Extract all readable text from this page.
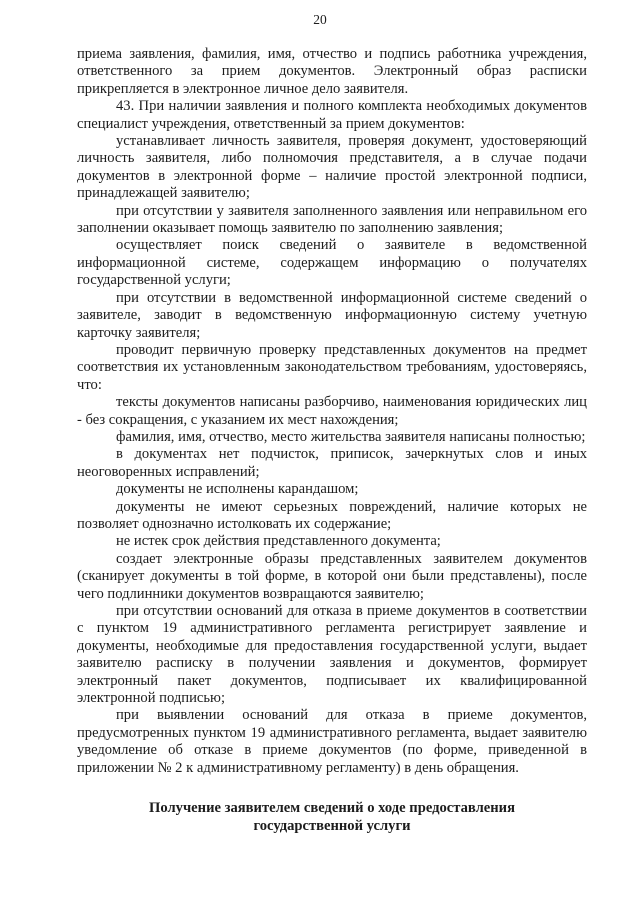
20

приема заявления, фамилия, имя, отчество и подпись работника учреждения, ответственного за прием документов. Электронный образ расписки прикрепляется в электронное личное дело заявителя.

43. При наличии заявления и полного комплекта необходимых документов специалист учреждения, ответственный за прием документов:

устанавливает личность заявителя, проверяя документ, удостоверяющий личность заявителя, либо полномочия представителя, а в случае подачи документов в электронной форме – наличие простой электронной подписи, принадлежащей заявителю;

при отсутствии у заявителя заполненного заявления или неправильном его заполнении оказывает помощь заявителю по заполнению заявления;

осуществляет поиск сведений о заявителе в ведомственной информационной системе, содержащем информацию о получателях государственной услуги;

при отсутствии в ведомственной информационной системе сведений о заявителе, заводит в ведомственную информационную систему учетную карточку заявителя;

проводит первичную проверку представленных документов на предмет соответствия их установленным законодательством требованиям, удостоверяясь, что:

тексты документов написаны разборчиво, наименования юридических лиц - без сокращения, с указанием их мест нахождения;

фамилия, имя, отчество, место жительства заявителя написаны полностью;

в документах нет подчисток, приписок, зачеркнутых слов и иных неоговоренных исправлений;

документы не исполнены карандашом;

документы не имеют серьезных повреждений, наличие которых не позволяет однозначно истолковать их содержание;

не истек срок действия представленного документа;

создает электронные образы представленных заявителем документов (сканирует документы в той форме, в которой они были представлены), после чего подлинники документов возвращаются заявителю;

при отсутствии оснований для отказа в приеме документов в соответствии с пунктом 19 административного регламента регистрирует заявление и документы, необходимые для предоставления государственной услуги, выдает заявителю расписку в получении заявления и документов, формирует электронный пакет документов, подписывает их квалифицированной электронной подписью;

при выявлении оснований для отказа в приеме документов, предусмотренных пунктом 19 административного регламента, выдает заявителю уведомление об отказе в приеме документов (по форме, приведенной в приложении № 2 к административному регламенту) в день обращения.

Получение заявителем сведений о ходе предоставления
государственной услуги
